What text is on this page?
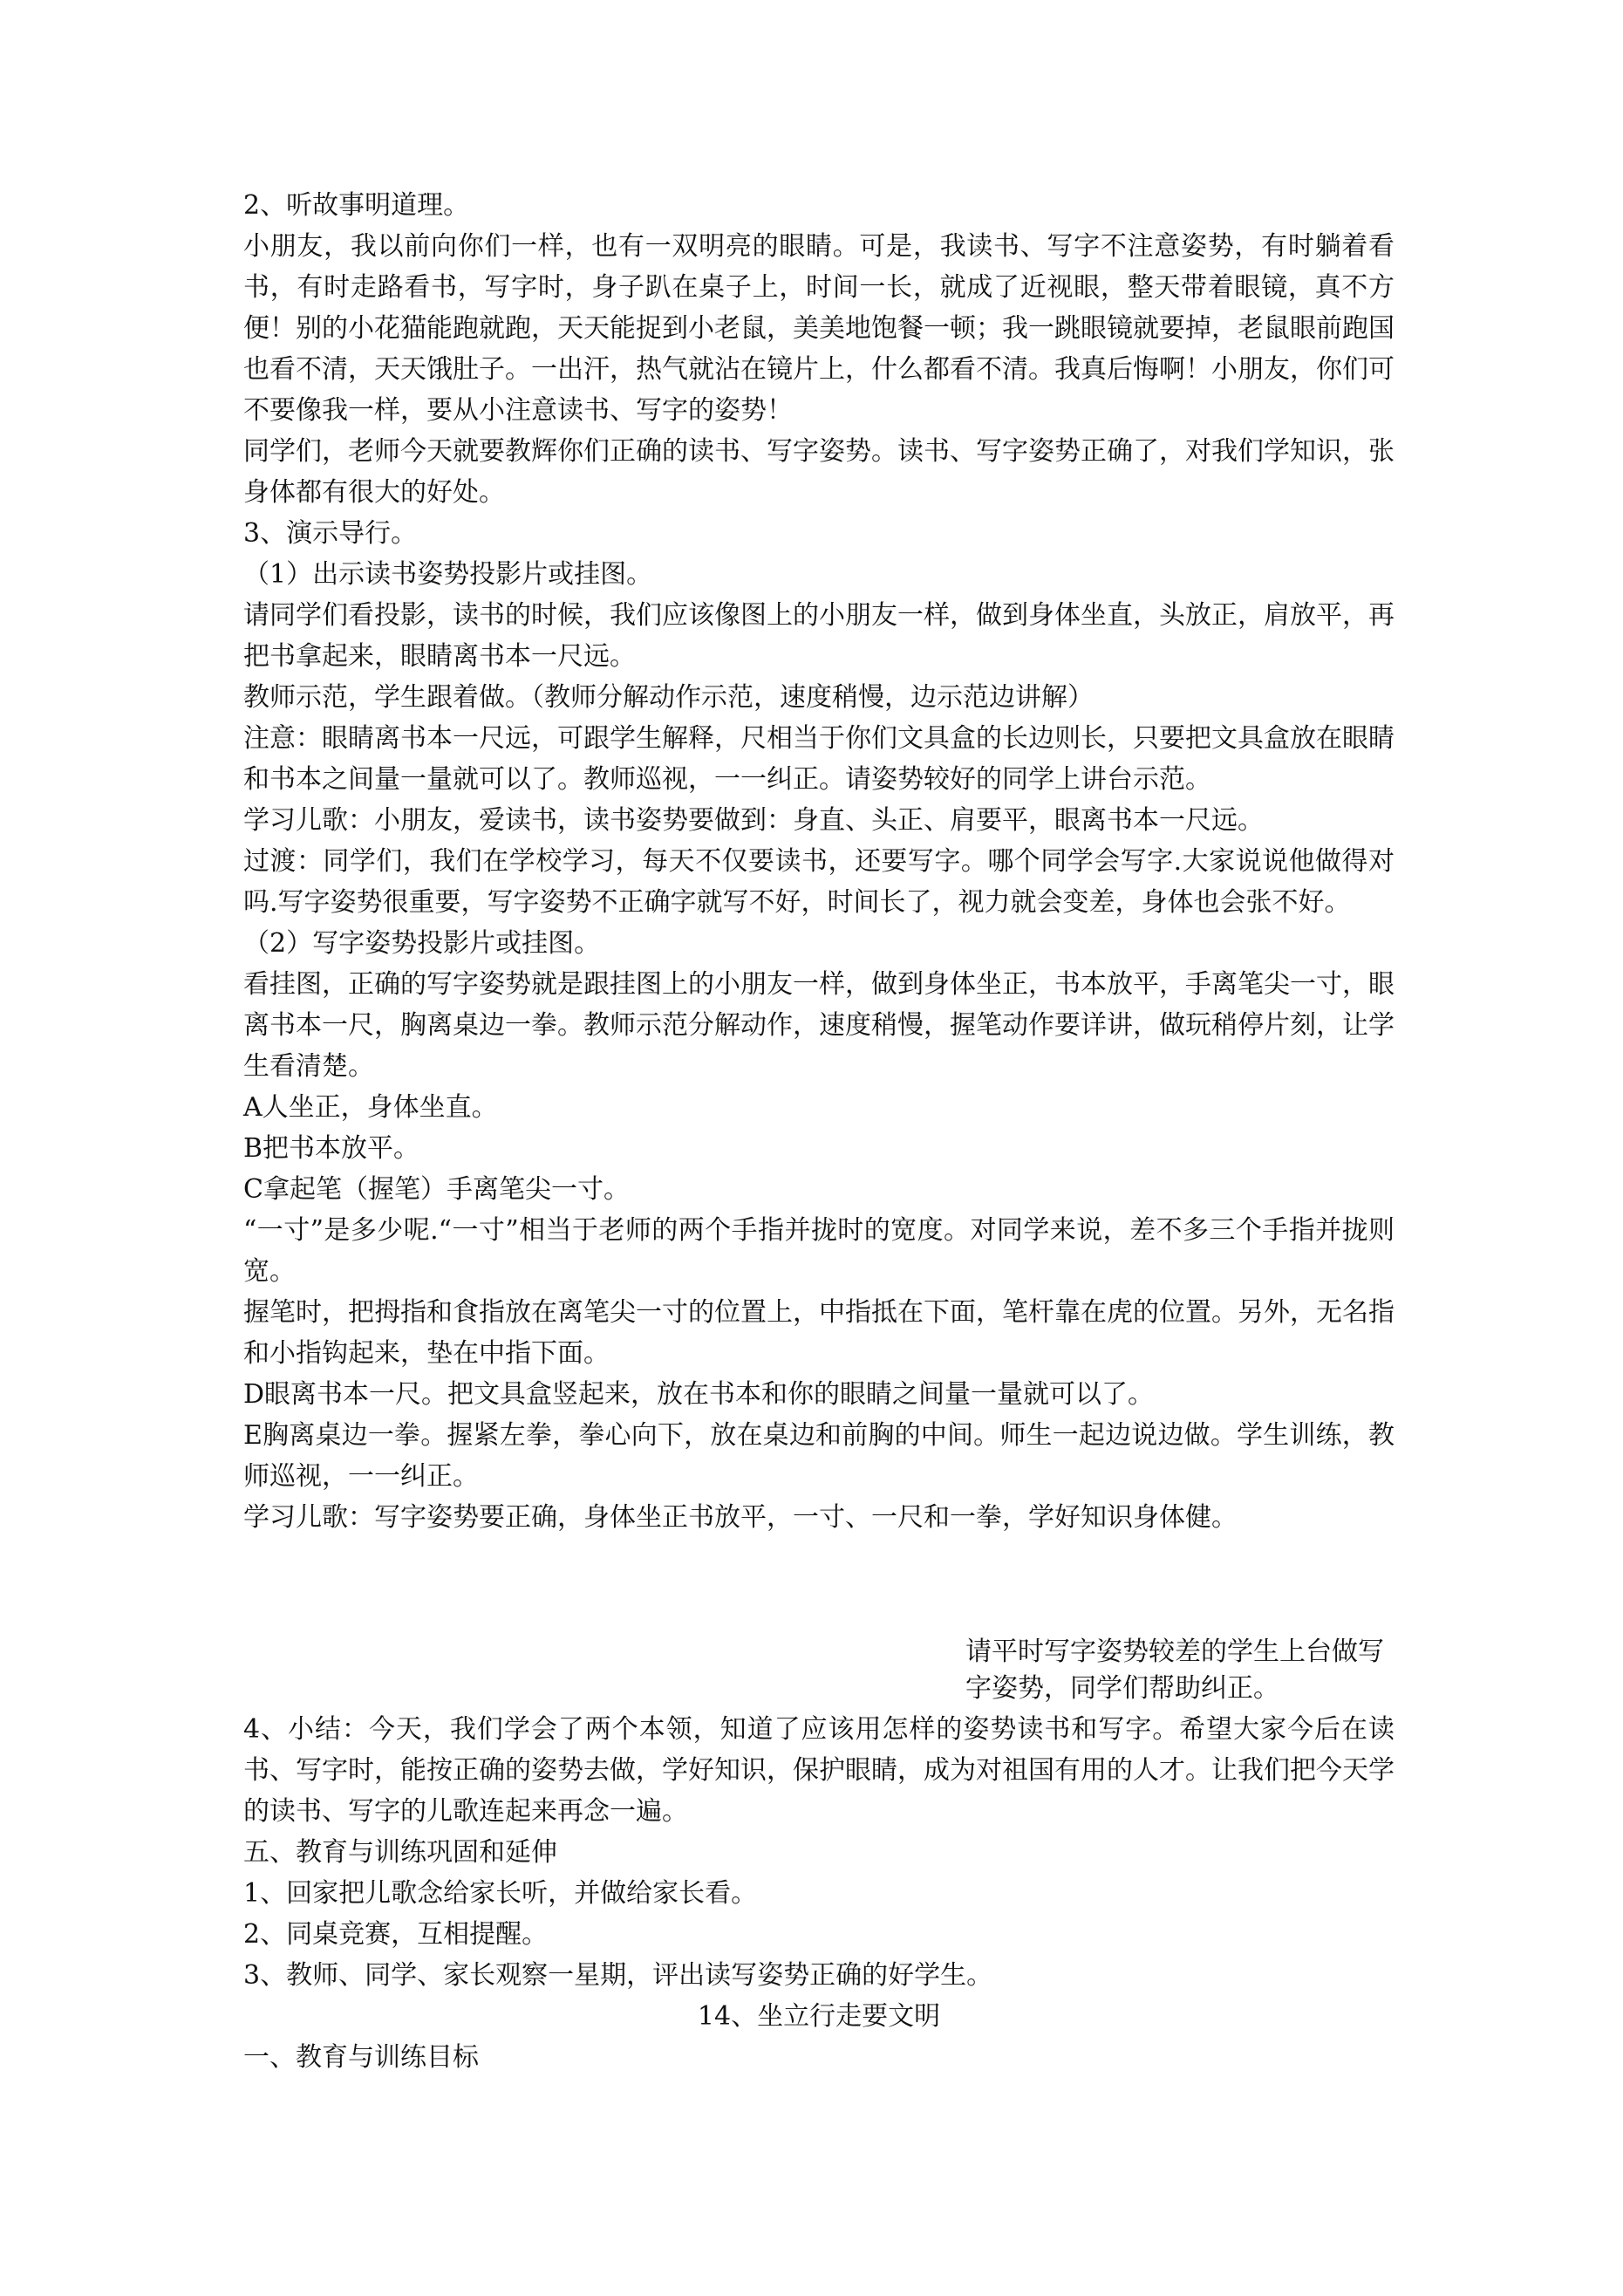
2、听故事明道理。

小朋友，我以前向你们一样，也有一双明亮的眼睛。可是，我读书、写字不注意姿势，有时躺着看书，有时走路看书，写字时，身子趴在桌子上，时间一长，就成了近视眼，整天带着眼镜，真不方便！别的小花猫能跑就跑，天天能捉到小老鼠，美美地饱餐一顿；我一跳眼镜就要掉，老鼠眼前跑国也看不清，天天饿肚子。一出汗，热气就沾在镜片上，什么都看不清。我真后悔啊！小朋友，你们可不要像我一样，要从小注意读书、写字的姿势！

同学们，老师今天就要教辉你们正确的读书、写字姿势。读书、写字姿势正确了，对我们学知识，张身体都有很大的好处。

3、演示导行。

（1）出示读书姿势投影片或挂图。

请同学们看投影，读书的时候，我们应该像图上的小朋友一样，做到身体坐直，头放正，肩放平，再把书拿起来，眼睛离书本一尺远。

教师示范，学生跟着做。（教师分解动作示范，速度稍慢，边示范边讲解）

注意：眼睛离书本一尺远，可跟学生解释，尺相当于你们文具盒的长边则长，只要把文具盒放在眼睛和书本之间量一量就可以了。教师巡视，一一纠正。请姿势较好的同学上讲台示范。

学习儿歌：小朋友，爱读书，读书姿势要做到：身直、头正、肩要平，眼离书本一尺远。

过渡：同学们，我们在学校学习，每天不仅要读书，还要写字。哪个同学会写字.大家说说他做得对吗.写字姿势很重要，写字姿势不正确字就写不好，时间长了，视力就会变差，身体也会张不好。

（2）写字姿势投影片或挂图。

看挂图，正确的写字姿势就是跟挂图上的小朋友一样，做到身体坐正，书本放平，手离笔尖一寸，眼离书本一尺，胸离桌边一拳。教师示范分解动作，速度稍慢，握笔动作要详讲，做玩稍停片刻，让学生看清楚。

A人坐正，身体坐直。

B把书本放平。

C拿起笔（握笔）手离笔尖一寸。

“一寸”是多少呢.“一寸”相当于老师的两个手指并拢时的宽度。对同学来说，差不多三个手指并拢则宽。

握笔时，把拇指和食指放在离笔尖一寸的位置上，中指抵在下面，笔杆靠在虎的位置。另外，无名指和小指钩起来，垫在中指下面。

D眼离书本一尺。把文具盒竖起来，放在书本和你的眼睛之间量一量就可以了。

E胸离桌边一拳。握紧左拳，拳心向下，放在桌边和前胸的中间。师生一起边说边做。学生训练，教师巡视，一一纠正。

学习儿歌：写字姿势要正确，身体坐正书放平，一寸、一尺和一拳，学好知识身体健。

请平时写字姿势较差的学生上台做写字姿势，同学们帮助纠正。

4、小结：今天，我们学会了两个本领，知道了应该用怎样的姿势读书和写字。希望大家今后在读书、写字时，能按正确的姿势去做，学好知识，保护眼睛，成为对祖国有用的人才。让我们把今天学的读书、写字的儿歌连起来再念一遍。

五、教育与训练巩固和延伸

1、回家把儿歌念给家长听，并做给家长看。

2、同桌竞赛，互相提醒。

3、教师、同学、家长观察一星期，评出读写姿势正确的好学生。

14、坐立行走要文明

一、教育与训练目标
